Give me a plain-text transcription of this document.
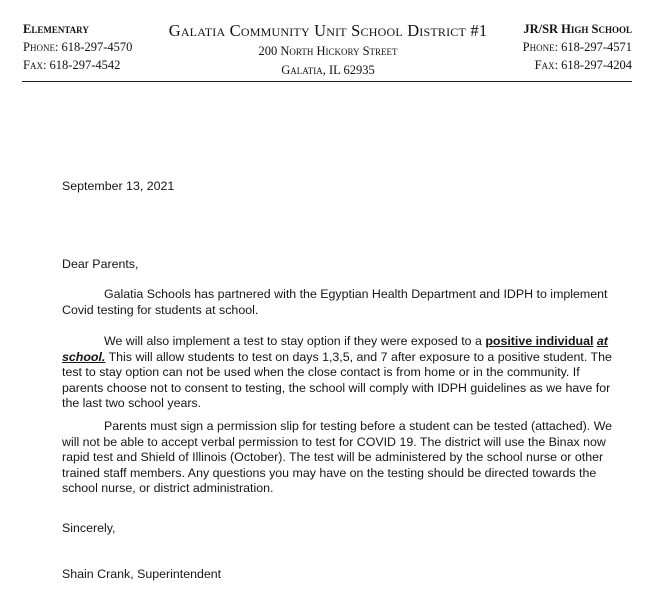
Elementary
Phone: 618-297-4570
Fax: 618-297-4542
Galatia Community Unit School District #1
200 North Hickory Street
Galatia, IL 62935
JR/SR High School
Phone: 618-297-4571
Fax: 618-297-4204

September 13, 2021

Dear Parents,

Galatia Schools has partnered with the Egyptian Health Department and IDPH to implement Covid testing for students at school.

We will also implement a test to stay option if they were exposed to a positive individual at school. This will allow students to test on days 1,3,5, and 7 after exposure to a positive student. The test to stay option can not be used when the close contact is from home or in the community. If parents choose not to consent to testing, the school will comply with IDPH guidelines as we have for the last two school years.

Parents must sign a permission slip for testing before a student can be tested (attached). We will not be able to accept verbal permission to test for COVID 19. The district will use the Binax now rapid test and Shield of Illinois (October). The test will be administered by the school nurse or other trained staff members. Any questions you may have on the testing should be directed towards the school nurse, or district administration.

Sincerely,

Shain Crank, Superintendent
